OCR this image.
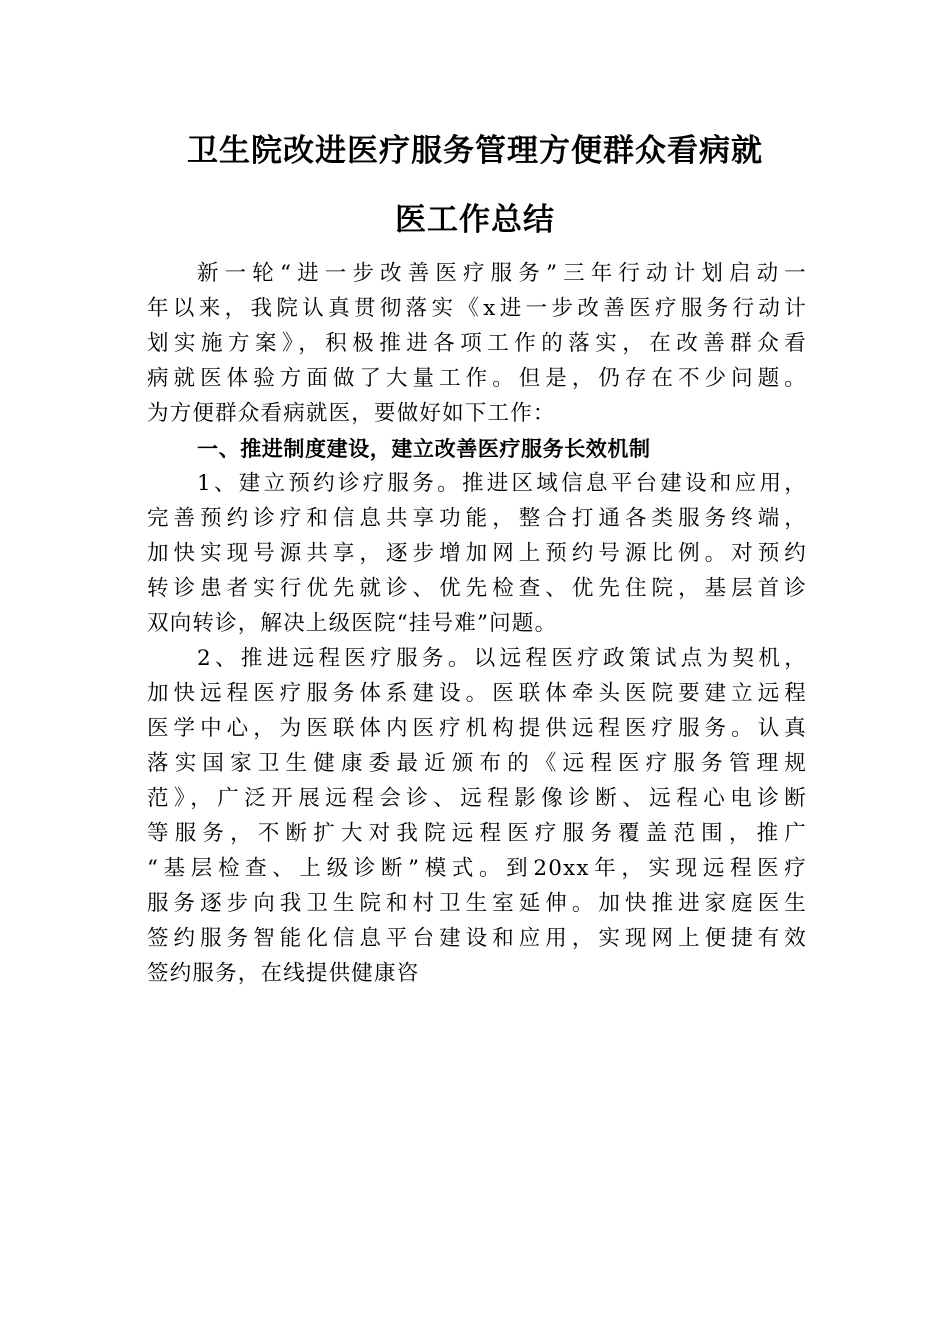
卫生院改进医疗服务管理方便群众看病就
医工作总结
新一轮“进一步改善医疗服务”三年行动计划启动一
年以来，我院认真贯彻落实《x进一步改善医疗服务行动计
划实施方案》，积极推进各项工作的落实，在改善群众看
病就医体验方面做了大量工作。但是，仍存在不少问题。
为方便群众看病就医，要做好如下工作：
一、推进制度建设，建立改善医疗服务长效机制
1、建立预约诊疗服务。推进区域信息平台建设和应用，
完善预约诊疗和信息共享功能，整合打通各类服务终端，
加快实现号源共享，逐步增加网上预约号源比例。对预约
转诊患者实行优先就诊、优先检查、优先住院，基层首诊
双向转诊，解决上级医院“挂号难”问题。
2、推进远程医疗服务。以远程医疗政策试点为契机，
加快远程医疗服务体系建设。医联体牵头医院要建立远程
医学中心，为医联体内医疗机构提供远程医疗服务。认真
落实国家卫生健康委最近颁布的《远程医疗服务管理规
范》，广泛开展远程会诊、远程影像诊断、远程心电诊断
等服务，不断扩大对我院远程医疗服务覆盖范围，推广
“基层检查、上级诊断”模式。到20xx年，实现远程医疗
服务逐步向我卫生院和村卫生室延伸。加快推进家庭医生
签约服务智能化信息平台建设和应用，实现网上便捷有效
签约服务，在线提供健康咨
